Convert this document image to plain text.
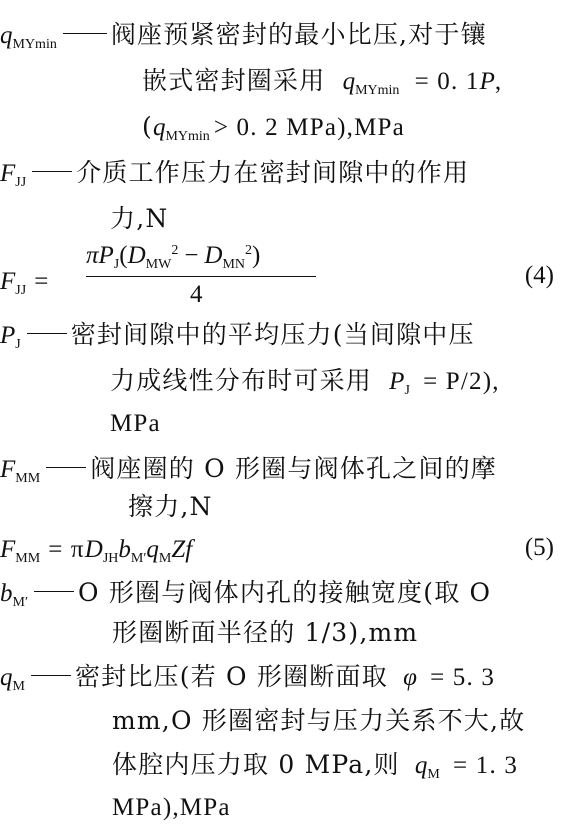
$q_{MYmin}$ 阀座预紧密封的最小比压,对于镶
嵌式密封圈采用 $q_{MYmin} = 0$. 1P,
($q_{MYmin} > 0$. 2 MPa),MPa
$F_{JJ}$ 介质工作压力在密封间隙中的作用
力,N
$F_{JJ}$ =
$\pi P_J(D_{MW}^2 - D_{MN}^2)$
4
(4)
$P_J$ 密封间隙中的平均压力(当间隙中压
力成线性分布时可采用 $P_J = P/2$),
MPa
$F_{MM}$ 阀座圈的 O 形圈与阀体孔之间的摩
擦力,N
$F_{MM} = \pi D_{JH}b_{M'}q_MZf$	(5)
$b_{M'}$ O 形圈与阀体内孔的接触宽度(取 O
形圈断面半径的 1/3),mm
$q_M$ 密封比压(若 O 形圈断面取 φ = 5. 3
mm,O 形圈密封与压力关系不大,故
体腔内压力取 0 MPa,则 $q_M = 1$. 3
MPa),MPa
